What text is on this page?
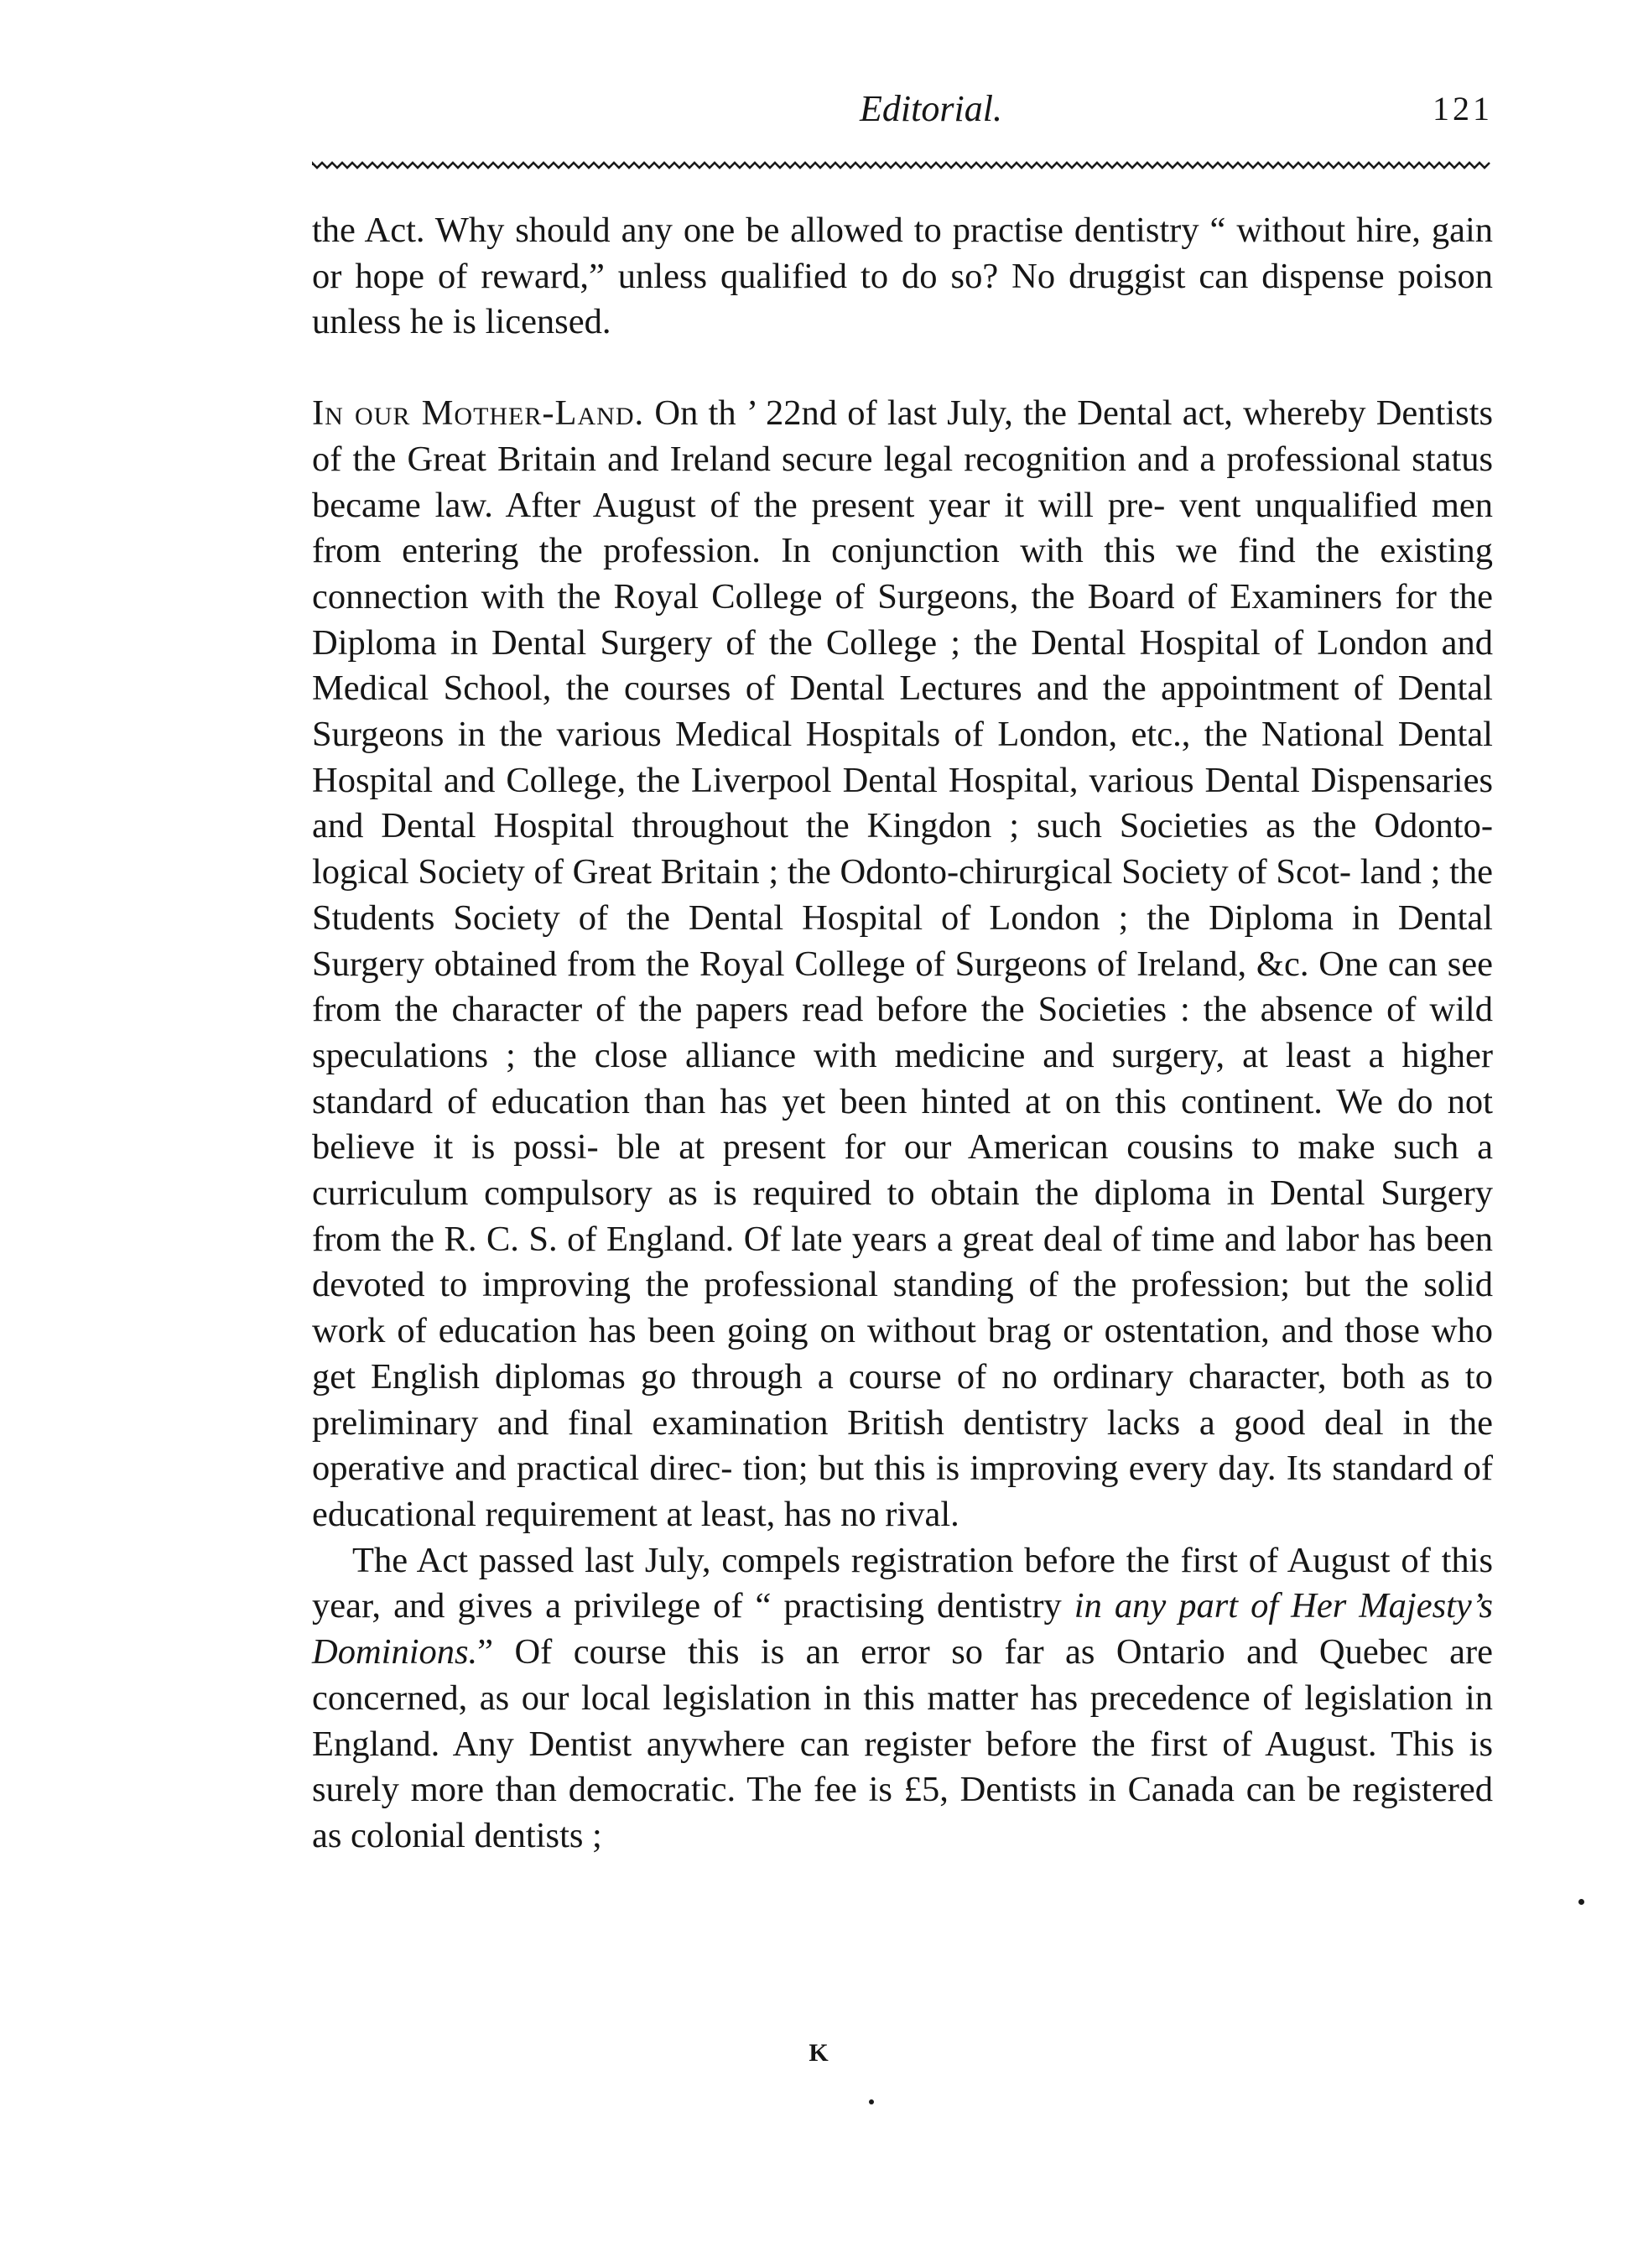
Editorial.	121

the Act. Why should any one be allowed to practise dentistry “ without hire, gain or hope of reward,” unless qualified to do so? No druggist can dispense poison unless he is licensed.

In our Mother-Land. On th ’ 22nd of last July, the Dental act, whereby Dentists of the Great Britain and Ireland secure legal recognition and a professional status became law. After August of the present year it will pre- vent unqualified men from entering the profession. In conjunction with this we find the existing connection with the Royal College of Surgeons, the Board of Examiners for the Diploma in Dental Surgery of the College ; the Dental Hospital of London and Medical School, the courses of Dental Lectures and the appointment of Dental Surgeons in the various Medical Hospitals of London, etc., the National Dental Hospital and College, the Liverpool Dental Hospital, various Dental Dispensaries and Dental Hospital throughout the Kingdon ; such Societies as the Odonto- logical Society of Great Britain ; the Odonto-chirurgical Society of Scot- land ; the Students Society of the Dental Hospital of London ; the Diploma in Dental Surgery obtained from the Royal College of Surgeons of Ireland, &c. One can see from the character of the papers read before the Societies : the absence of wild speculations ; the close alliance with medicine and surgery, at least a higher standard of education than has yet been hinted at on this continent. We do not believe it is possi- ble at present for our American cousins to make such a curriculum compulsory as is required to obtain the diploma in Dental Surgery from the R. C. S. of England. Of late years a great deal of time and labor has been devoted to improving the professional standing of the profession; but the solid work of education has been going on without brag or ostentation, and those who get English diplomas go through a course of no ordinary character, both as to preliminary and final examination British dentistry lacks a good deal in the operative and practical direc- tion; but this is improving every day. Its standard of educational requirement at least, has no rival.

The Act passed last July, compels registration before the first of August of this year, and gives a privilege of “ practising dentistry in any part of Her Majesty’s Dominions.” Of course this is an error so far as Ontario and Quebec are concerned, as our local legislation in this matter has precedence of legislation in England. Any Dentist anywhere can register before the first of August. This is surely more than democratic. The fee is £5, Dentists in Canada can be registered as colonial dentists ;

K
